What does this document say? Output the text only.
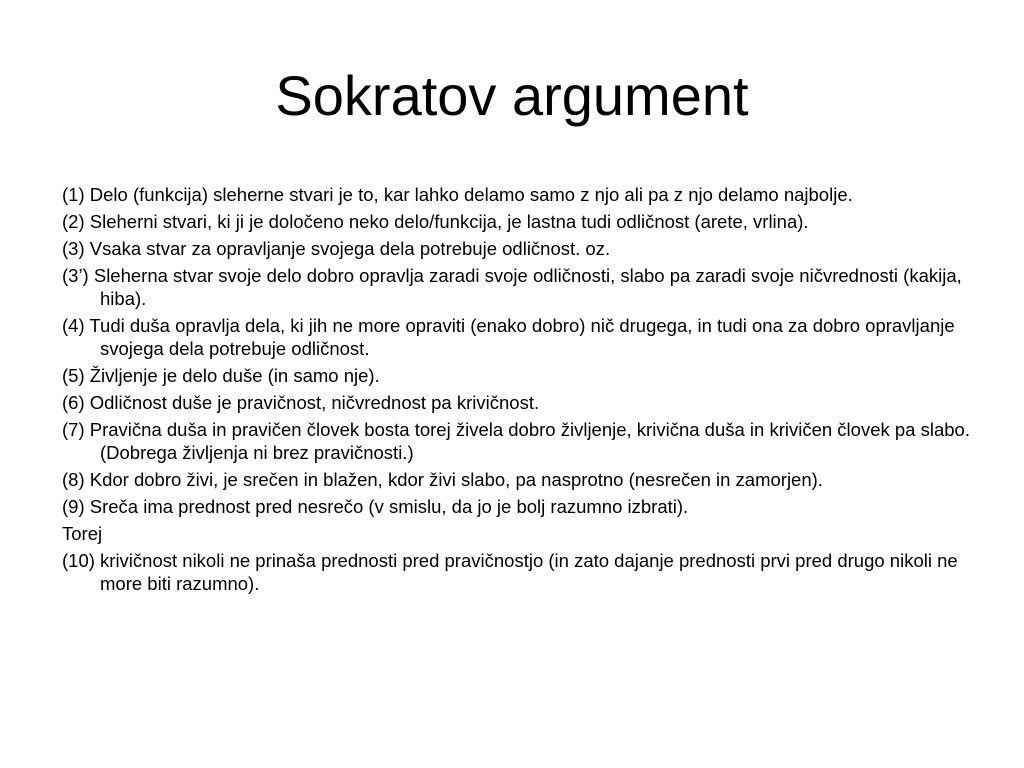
Sokratov argument
(1) Delo (funkcija) sleherne stvari je to, kar lahko delamo samo z njo ali pa z njo delamo najbolje.
(2) Sleherni stvari, ki ji je določeno neko delo/funkcija, je lastna tudi odličnost (arete, vrlina).
(3) Vsaka stvar za opravljanje svojega dela potrebuje odličnost. oz.
(3’) Sleherna stvar svoje delo dobro opravlja zaradi svoje odličnosti, slabo pa zaradi svoje ničvrednosti (kakija, hiba).
(4) Tudi duša opravlja dela, ki jih ne more opraviti (enako dobro) nič drugega, in tudi ona za dobro opravljanje svojega dela potrebuje odličnost.
(5) Življenje je delo duše (in samo nje).
(6) Odličnost duše je pravičnost, ničvrednost pa krivičnost.
(7) Pravična duša in pravičen človek bosta torej živela dobro življenje, krivična duša in krivičen človek pa slabo. (Dobrega življenja ni brez pravičnosti.)
(8) Kdor dobro živi, je srečen in blažen, kdor živi slabo, pa nasprotno (nesrečen in zamorjen).
(9) Sreča ima prednost pred nesrečo (v smislu, da jo je bolj razumno izbrati).
Torej
(10) krivičnost nikoli ne prinaša prednosti pred pravičnostjo (in zato dajanje prednosti prvi pred drugo nikoli ne more biti razumno).
